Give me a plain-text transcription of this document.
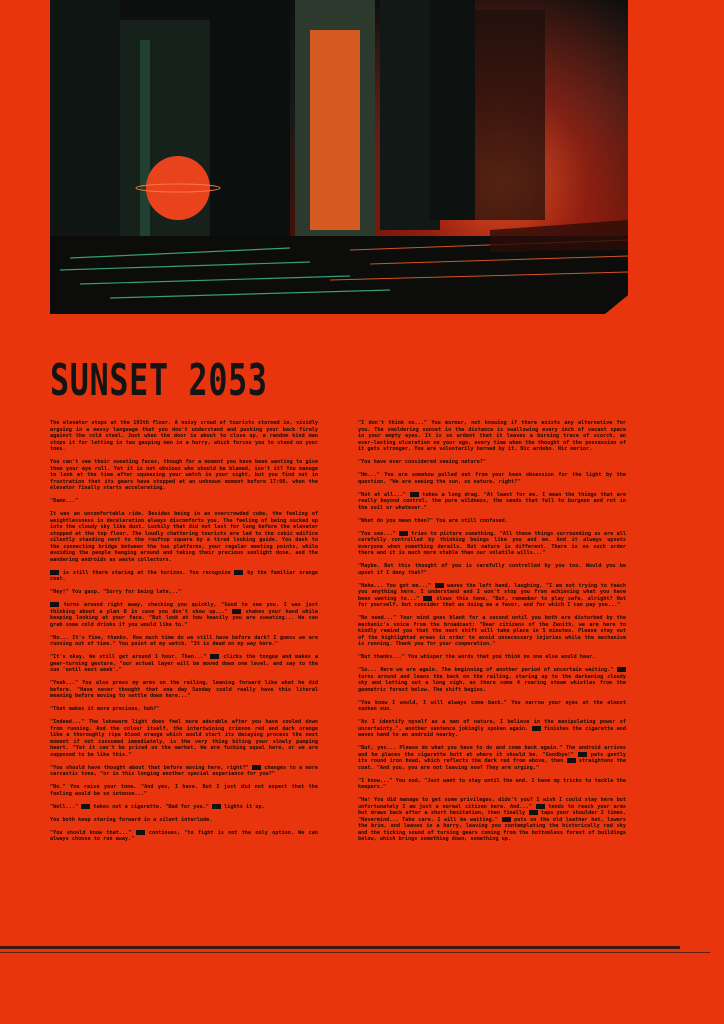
SUNSET 2053

The elevator stops at the 193th floor. A noisy crowd of tourists stormed in, vividly arguing in a messy language that you don't understand and pushing your back firmly against the cold steel. Just when the door is about to close up, a random kind man stops it for letting in two gasping men in a hurry, which forces you to stand on your toes.

You can't see their sweating faces, though for a moment you have been wanting to give them your eye roll. Yet it is not obvious who should be blamed, isn't it? You manage to look at the time after squeezing your watch in your sight, but you find out in frustration that its gears have stopped at an unknown moment before 17:08, when the elevator finally starts accelerating.

"Damn..."

It was an uncomfortable ride. Besides being in an overcrowded cube, the feeling of weightlessness in deceleration always discomforts you. The feeling of being sucked up into the cloudy sky like dust. Luckily that did not last for long before the elevator stopped at the top floor. The loudly chattering tourists are led to the cubic edifice silently standing next to the rooftop square by a tired looking guide. You dash to the connecting bridge between the two platforms, your regular meeting points, while avoiding the people hanging around and taking their precious sunlight dose, and the wandering androids as waste collectors.

is still there staring at the horizon. You recognize  by the familiar orange coat.

"Hey!" You gasp. "Sorry for being late..."

turns around right away, checking you quickly, "Good to see you. I was just thinking about a plan B in case you don't show up..."  shakes your hand while keeping looking at your face. "But look at how heavily you are sweating... We can grab some cold drinks if you would like to."

"No... It's fine, thanks. How much time do we still have before dark? I guess we are running out of time." You point at my watch, "It is dead on my way here."

"It's okay. We still get around 1 hour. Then..."  clicks the tongue and makes a gear-turning gesture, "our actual layer will be moved down one level, and say to the sun 'until next week'."

"Yeah..." You also press my arms on the railing, leaning forward like what he did before. "Have never thought that one day Sunday could really have this literal meaning before moving to settle down here..."

"That makes it more precious, huh?"

"Indeed..." The lukewarm light does feel more adorable after you have cooled down from running. And the colour itself, the intertwining crimson red and dark orange like a thoroughly ripe blood orange which would start its decaying process the next moment if not consumed immediately, is the very thing biting your slowly pumping heart. "Yet it can't be priced on the market. We are fucking equal here, or we are supposed to be like this."

"You should have thought about that before moving here, right?"  changes to a more sarcastic tone, "or is this longing another special experience for you?"

"No." You raise your tone. "And yes, I have. But I just did not expect that the feeling would be so intense..."

"Well..."  takes out a cigarette. "Bad for you."  lights it up.

You both keep staring forward in a silent interlude.

"You should know that..."  continues, "to fight is not the only option. We can always choose to run away."

"I don't think so..." You murmur, not knowing if there exists any alternative for you. The smoldering sunset in the distance is swallowing every inch of vacant space in your empty eyes. It is so ardent that it leaves a burning trace of scorch, an ever-lasting ulceration on your ego, every time when the thought of the possession of it gets stronger. You are voluntarily burned by it. Nic ardebo. Nic morior.

"You have ever considered seeing nature?"

"Hm..." You are somehow pulled out from your keen obsession for the light by the question. "We are seeing the sun, so nature, right?"

"Not at all..."  takes a long drag. "At least for me. I mean the things that are really beyond control, the pure wildness, the seeds that fall to burgeon and rot in the soil or whatever."

"What do you mean then?" You are still confused.

"You see..."  tries to picture something. "All these things surrounding us are all carefully controlled by thinking beings like you and me. And it always upsets everyone when something derails. But nature is different. There is no such order there and it is much more stable than our volatile wills..."

"Maybe. But this thought of you is carefully controlled by you too. Would you be upset if I deny that?"

"Hehe... You got me..."  waves the left hand, laughing, "I am not trying to teach you anything here. I understand and I won't stop you from achieving what you have been wanting to..."  slows this tone, "But, remember to play safe, alright? Not for yourself, but consider that as doing me a favor, and for which I can pay you..."

"No need..." Your mind goes blank for a second until you both are disturbed by the mechanic's voice from the broadcast: "Dear citizens of the Zenith, we are here to kindly remind you that the next shift will take place in 5 minutes. Please stay out of the highlighted areas in order to avoid unnecessary injuries while the mechanism is running. Thank you for your cooperation."

"But thanks..." You whisper the words that you think no one else would hear.

"So... Here we are again. The beginning of another period of uncertain waiting."  turns around and leans the back on the railing, staring up to the darkening cloudy sky and letting out a long sigh, as there come 4 roaring steam whistles from the geometric forest below. The shift begins.

"You know I would, I will always come back." You narrow your eyes at the almost sunken sun.

"As I identify myself as a man of nature, I believe in the manipulating power of uncertainty.", another sentence jokingly spoken again.  finishes the cigarette and waves hand to an android nearby.

"But, yes... Please do what you have to do and come back again." The android arrives and he places the cigarette butt at where it should be. "Goodbye!"  pats gently its round iron head, which reflects the dark red from above, then  straightens the coat. "And you, you are not leaving now? They are urging."

"I know..." You nod, "Just want to stay until the end. I have my tricks to tackle the keepers."

"Ha! You did manage to get some privileges, didn't you? I wish I could stay here but unfortunately I am just a normal citizen here. And..."  tends to reach your arms but draws back after a short hesitation, then finally  taps your shoulder 2 times. "Nevermind... Take care. I will be waiting."  puts on the old leather hat, lowers the brim, and leaves in a hurry, leaving you contemplating the historically red sky and the ticking sound of turning gears coming from the bottomless forest of buildings below, which brings something down, something up.
